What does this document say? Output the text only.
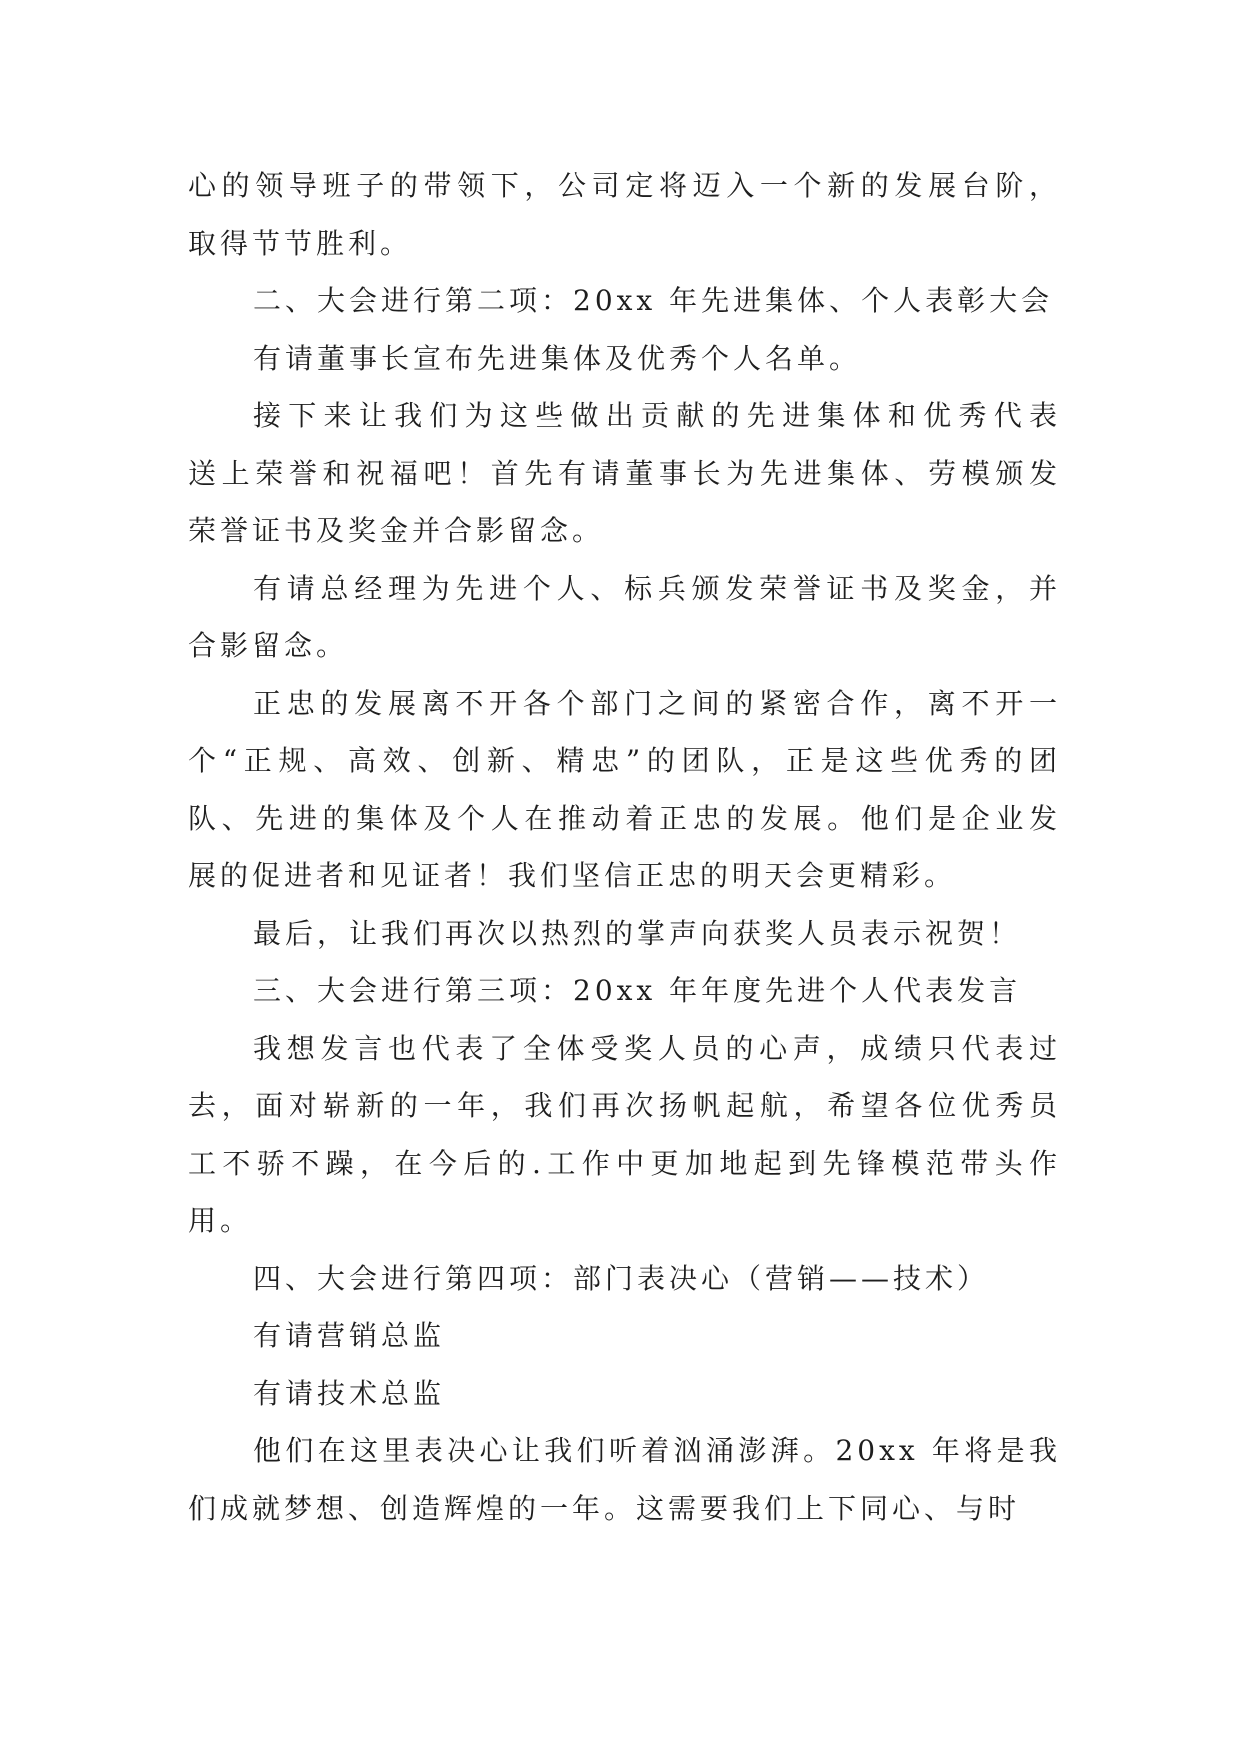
心的领导班子的带领下，公司定将迈入一个新的发展台阶，
取得节节胜利。
二、大会进行第二项：20xx 年先进集体、个人表彰大会
有请董事长宣布先进集体及优秀个人名单。
接下来让我们为这些做出贡献的先进集体和优秀代表
送上荣誉和祝福吧！首先有请董事长为先进集体、劳模颁发
荣誉证书及奖金并合影留念。
有请总经理为先进个人、标兵颁发荣誉证书及奖金，并
合影留念。
正忠的发展离不开各个部门之间的紧密合作，离不开一
个“正规、高效、创新、精忠”的团队，正是这些优秀的团
队、先进的集体及个人在推动着正忠的发展。他们是企业发
展的促进者和见证者！我们坚信正忠的明天会更精彩。
最后，让我们再次以热烈的掌声向获奖人员表示祝贺！
三、大会进行第三项：20xx 年年度先进个人代表发言
我想发言也代表了全体受奖人员的心声，成绩只代表过
去，面对崭新的一年，我们再次扬帆起航，希望各位优秀员
工不骄不躁，在今后的.工作中更加地起到先锋模范带头作
用。
四、大会进行第四项：部门表决心（营销——技术）
有请营销总监
有请技术总监
他们在这里表决心让我们听着汹涌澎湃。20xx 年将是我
们成就梦想、创造辉煌的一年。这需要我们上下同心、与时
